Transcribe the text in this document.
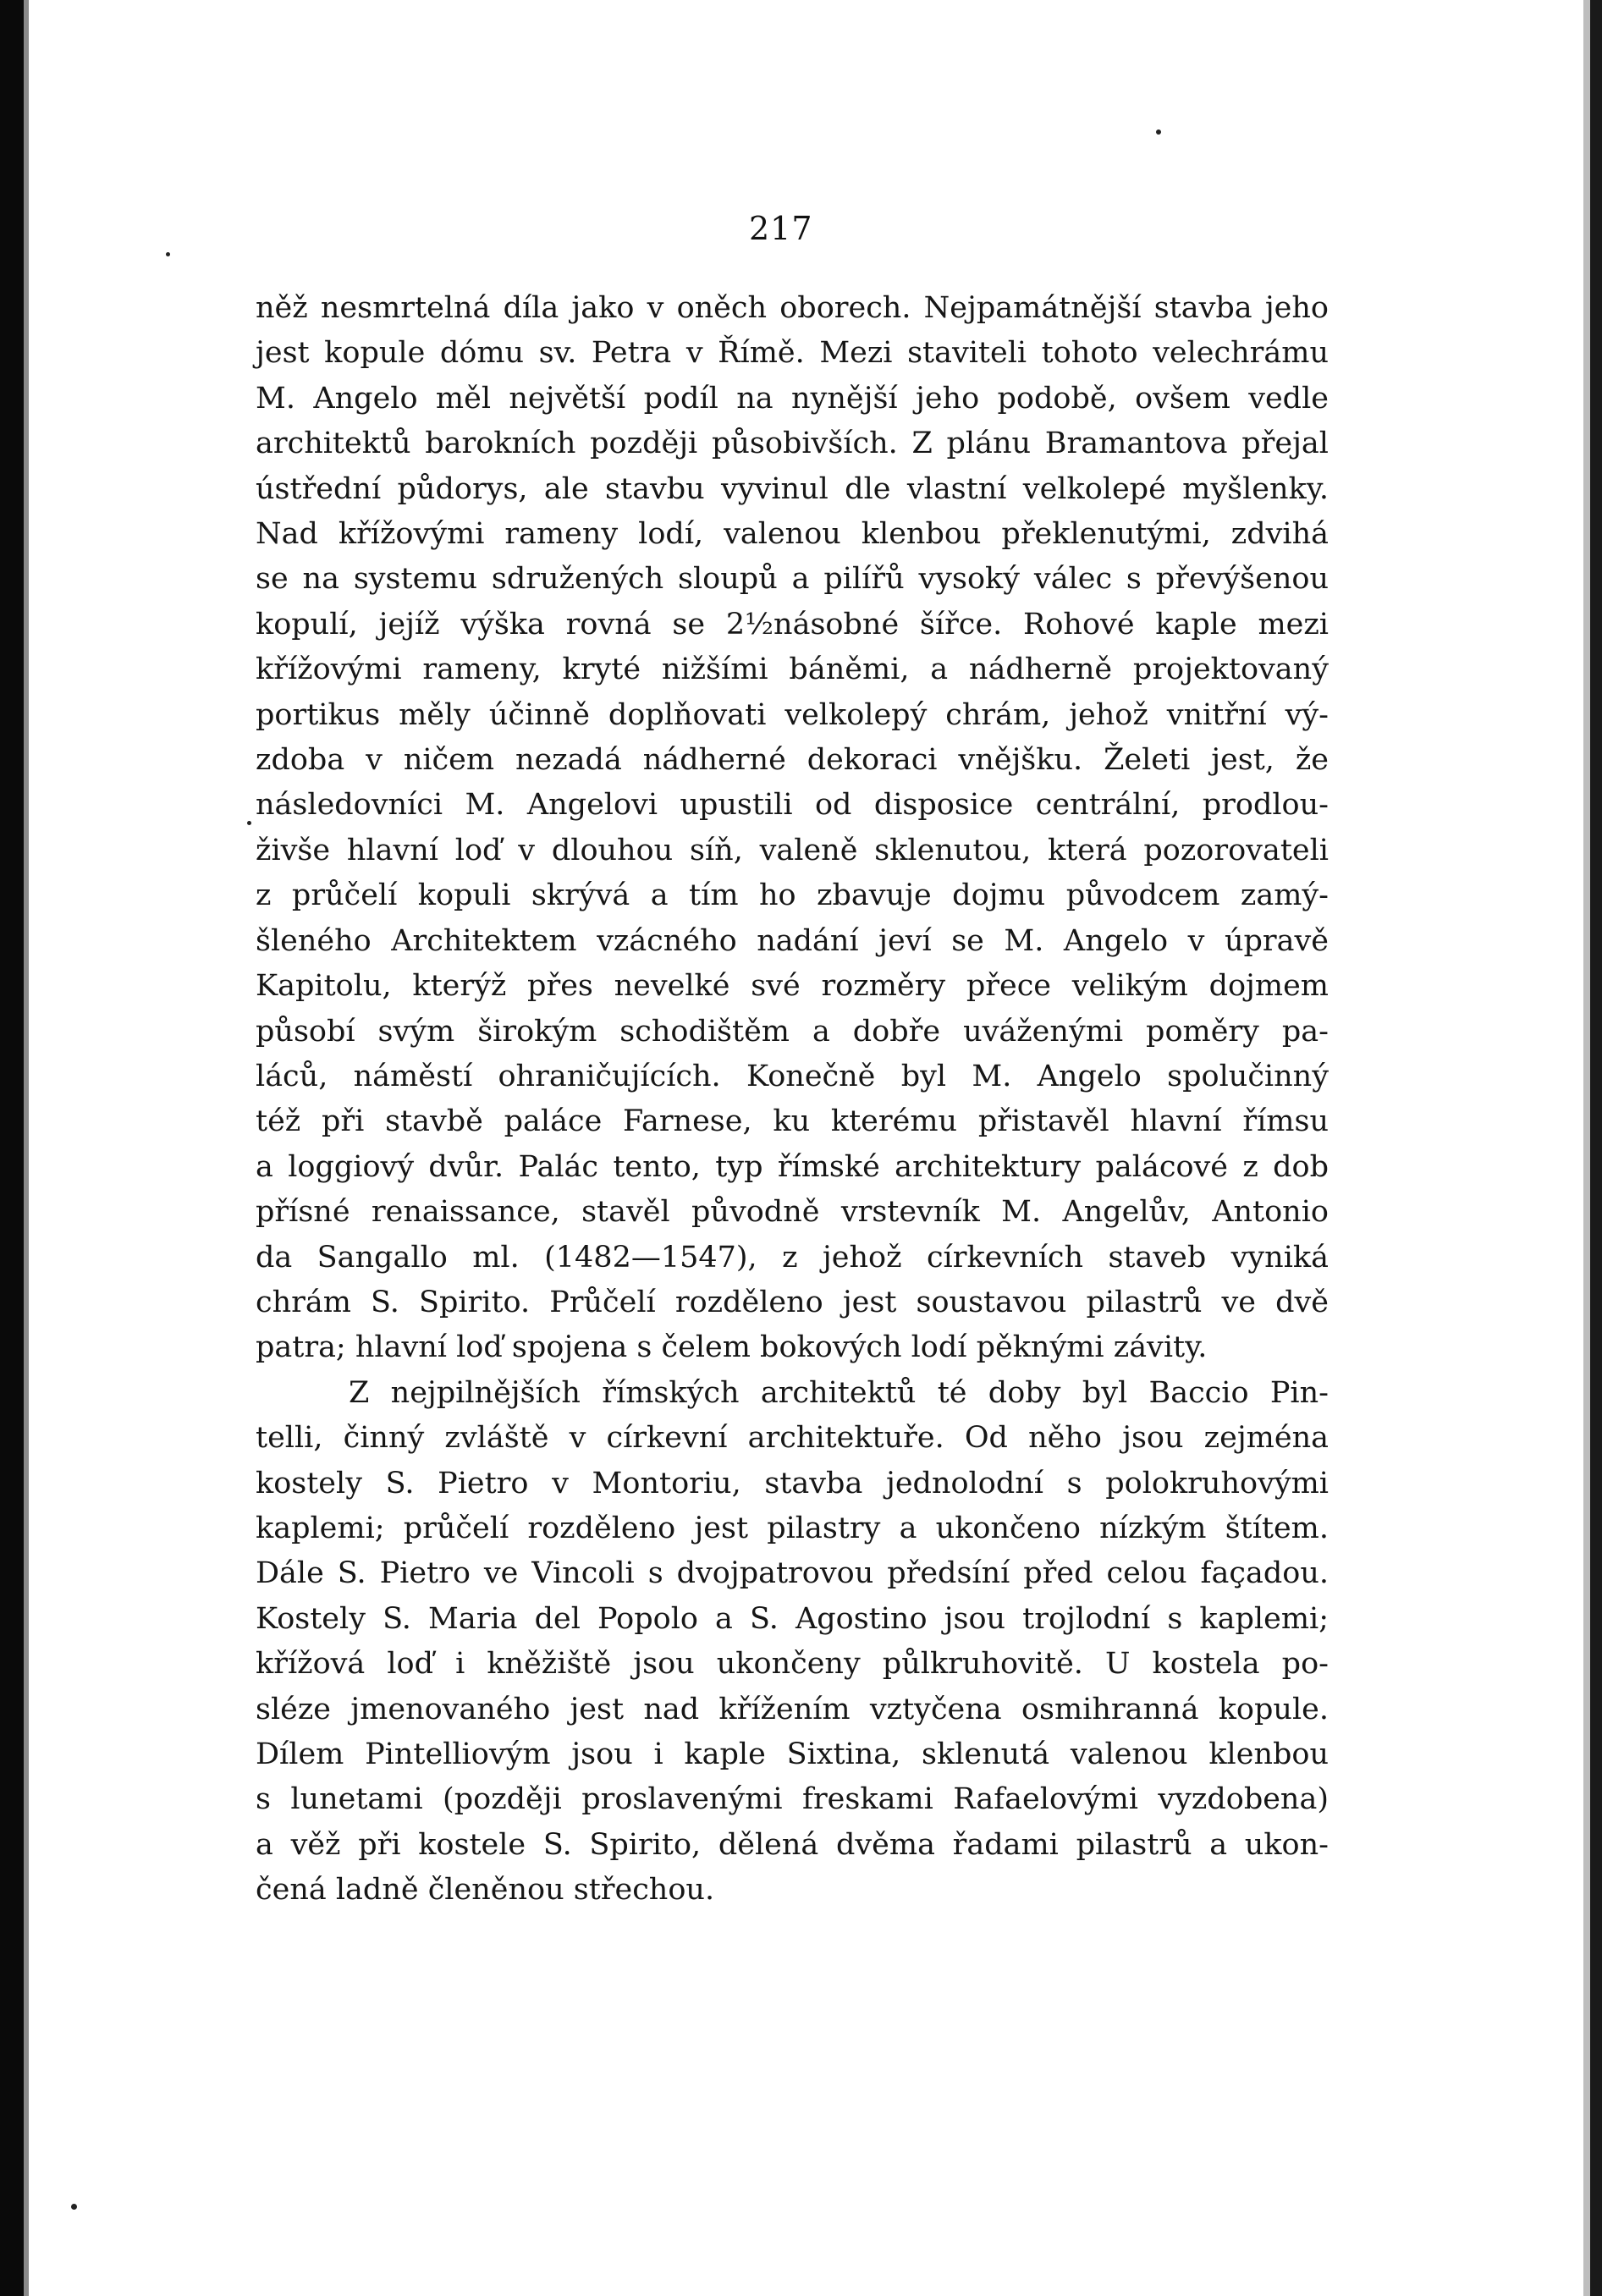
217
něž nesmrtelná díla jako v oněch oborech. Nejpamátnější stavba jeho
jest kopule dómu sv. Petra v Římě. Mezi staviteli tohoto velechrámu
M. Angelo měl největší podíl na nynější jeho podobě, ovšem vedle
architektů barokních později působivších. Z plánu Bramantova přejal
ústřední půdorys, ale stavbu vyvinul dle vlastní velkolepé myšlenky.
Nad křížovými rameny lodí, valenou klenbou překlenutými, zdvihá
se na systemu sdružených sloupů a pilířů vysoký válec s převýšenou
kopulí, jejíž výška rovná se 2½násobné šířce. Rohové kaple mezi
křížovými rameny, kryté nižšími báněmi, a nádherně projektovaný
portikus měly účinně doplňovati velkolepý chrám, jehož vnitřní vý-
zdoba v ničem nezadá nádherné dekoraci vnějšku. Želeti jest, že
následovníci M. Angelovi upustili od disposice centrální, prodlou-
živše hlavní loď v dlouhou síň, valeně sklenutou, která pozorovateli
z průčelí kopuli skrývá a tím ho zbavuje dojmu původcem zamý-
šleného Architektem vzácného nadání jeví se M. Angelo v úpravě
Kapitolu, kterýž přes nevelké své rozměry přece velikým dojmem
působí svým širokým schodištěm a dobře uváženými poměry pa-
láců, náměstí ohraničujících. Konečně byl M. Angelo spolučinný
též při stavbě paláce Farnese, ku kterému přistavěl hlavní římsu
a loggiový dvůr. Palác tento, typ římské architektury palácové z dob
přísné renaissance, stavěl původně vrstevník M. Angelův, Antonio
da Sangallo ml. (1482—1547), z jehož církevních staveb vyniká
chrám S. Spirito. Průčelí rozděleno jest soustavou pilastrů ve dvě
patra; hlavní loď spojena s čelem bokových lodí pěknými závity.
Z nejpilnějších římských architektů té doby byl Baccio Pin-
telli, činný zvláště v církevní architektuře. Od něho jsou zejména
kostely S. Pietro v Montoriu, stavba jednolodní s polokruhovými
kaplemi; průčelí rozděleno jest pilastry a ukončeno nízkým štítem.
Dále S. Pietro ve Vincoli s dvojpatrovou předsíní před celou façadou.
Kostely S. Maria del Popolo a S. Agostino jsou trojlodní s kaplemi;
křížová loď i kněžiště jsou ukončeny půlkruhovitě. U kostela po-
sléze jmenovaného jest nad křížením vztyčena osmihranná kopule.
Dílem Pintelliovým jsou i kaple Sixtina, sklenutá valenou klenbou
s lunetami (později proslavenými freskami Rafaelovými vyzdobena)
a věž při kostele S. Spirito, dělená dvěma řadami pilastrů a ukon-
čená ladně členěnou střechou.
